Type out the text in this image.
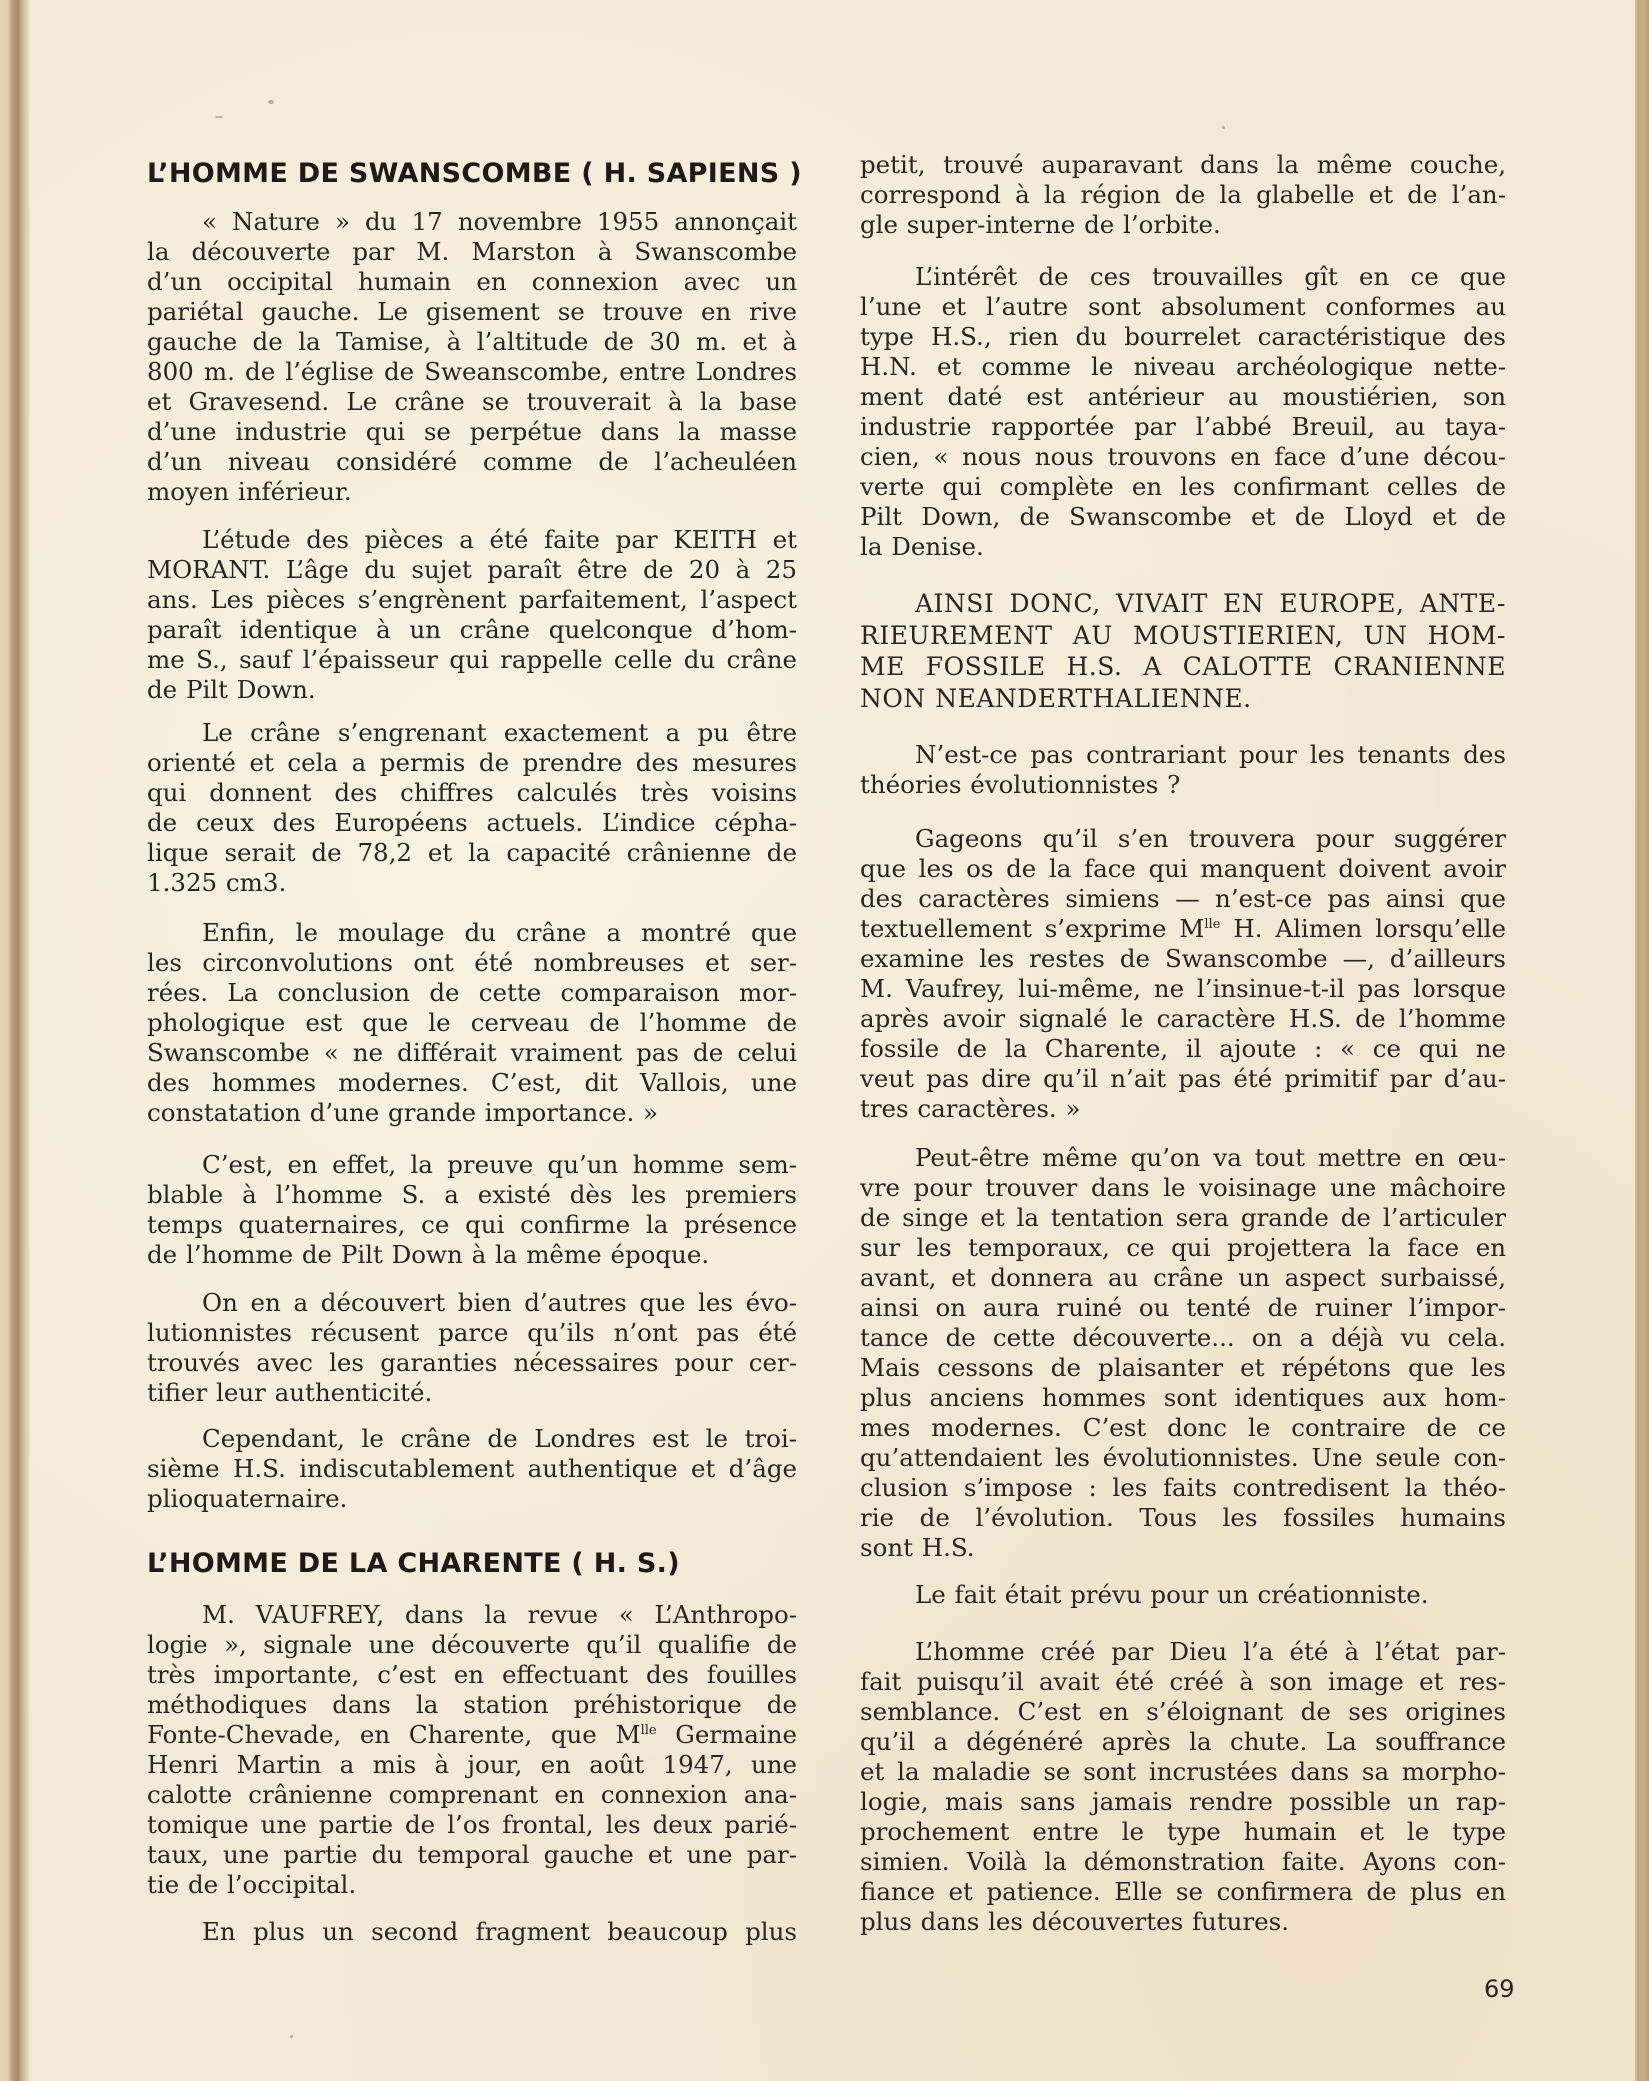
L’HOMME DE SWANSCOMBE ( H. SAPIENS )
« Nature » du 17 novembre 1955 annonçait
la découverte par M. Marston à Swanscombe
d’un occipital humain en connexion avec un
pariétal gauche. Le gisement se trouve en rive
gauche de la Tamise, à l’altitude de 30 m. et à
800 m. de l’église de Sweanscombe, entre Londres
et Gravesend. Le crâne se trouverait à la base
d’une industrie qui se perpétue dans la masse
d’un niveau considéré comme de l’acheuléen
moyen inférieur.
L’étude des pièces a été faite par KEITH et
MORANT. L’âge du sujet paraît être de 20 à 25
ans. Les pièces s’engrènent parfaitement, l’aspect
paraît identique à un crâne quelconque d’hom-
me S., sauf l’épaisseur qui rappelle celle du crâne
de Pilt Down.
Le crâne s’engrenant exactement a pu être
orienté et cela a permis de prendre des mesures
qui donnent des chiffres calculés très voisins
de ceux des Européens actuels. L’indice cépha-
lique serait de 78,2 et la capacité crânienne de
1.325 cm3.
Enfin, le moulage du crâne a montré que
les circonvolutions ont été nombreuses et ser-
rées. La conclusion de cette comparaison mor-
phologique est que le cerveau de l’homme de
Swanscombe « ne différait vraiment pas de celui
des hommes modernes. C’est, dit Vallois, une
constatation d’une grande importance. »
C’est, en effet, la preuve qu’un homme sem-
blable à l’homme S. a existé dès les premiers
temps quaternaires, ce qui confirme la présence
de l’homme de Pilt Down à la même époque.
On en a découvert bien d’autres que les évo-
lutionnistes récusent parce qu’ils n’ont pas été
trouvés avec les garanties nécessaires pour cer-
tifier leur authenticité.
Cependant, le crâne de Londres est le troi-
sième H.S. indiscutablement authentique et d’âge
plioquaternaire.
L’HOMME DE LA CHARENTE ( H. S.)
M. VAUFREY, dans la revue « L’Anthropo-
logie », signale une découverte qu’il qualifie de
très importante, c’est en effectuant des fouilles
méthodiques dans la station préhistorique de
Fonte-Chevade, en Charente, que $M^{lle}$ Germaine
Henri Martin a mis à jour, en août 1947, une
calotte crânienne comprenant en connexion ana-
tomique une partie de l’os frontal, les deux parié-
taux, une partie du temporal gauche et une par-
tie de l’occipital.
En plus un second fragment beaucoup plus
petit, trouvé auparavant dans la même couche,
correspond à la région de la glabelle et de l’an-
gle super-interne de l’orbite.
L’intérêt de ces trouvailles gît en ce que
l’une et l’autre sont absolument conformes au
type H.S., rien du bourrelet caractéristique des
H.N. et comme le niveau archéologique nette-
ment daté est antérieur au moustiérien, son
industrie rapportée par l’abbé Breuil, au taya-
cien, « nous nous trouvons en face d’une décou-
verte qui complète en les confirmant celles de
Pilt Down, de Swanscombe et de Lloyd et de
la Denise.
AINSI DONC, VIVAIT EN EUROPE, ANTE-
RIEUREMENT AU MOUSTIERIEN, UN HOM-
ME FOSSILE H.S. A CALOTTE CRANIENNE
NON NEANDERTHALIENNE.
N’est-ce pas contrariant pour les tenants des
théories évolutionnistes ?
Gageons qu’il s’en trouvera pour suggérer
que les os de la face qui manquent doivent avoir
des caractères simiens — n’est-ce pas ainsi que
textuellement s’exprime $M^{lle}$ H. Alimen lorsqu’elle
examine les restes de Swanscombe —, d’ailleurs
M. Vaufrey, lui-même, ne l’insinue-t-il pas lorsque
après avoir signalé le caractère H.S. de l’homme
fossile de la Charente, il ajoute : « ce qui ne
veut pas dire qu’il n’ait pas été primitif par d’au-
tres caractères. »
Peut-être même qu’on va tout mettre en œu-
vre pour trouver dans le voisinage une mâchoire
de singe et la tentation sera grande de l’articuler
sur les temporaux, ce qui projettera la face en
avant, et donnera au crâne un aspect surbaissé,
ainsi on aura ruiné ou tenté de ruiner l’impor-
tance de cette découverte... on a déjà vu cela.
Mais cessons de plaisanter et répétons que les
plus anciens hommes sont identiques aux hom-
mes modernes. C’est donc le contraire de ce
qu’attendaient les évolutionnistes. Une seule con-
clusion s’impose : les faits contredisent la théo-
rie de l’évolution. Tous les fossiles humains
sont H.S.
Le fait était prévu pour un créationniste.
L’homme créé par Dieu l’a été à l’état par-
fait puisqu’il avait été créé à son image et res-
semblance. C’est en s’éloignant de ses origines
qu’il a dégénéré après la chute. La souffrance
et la maladie se sont incrustées dans sa morpho-
logie, mais sans jamais rendre possible un rap-
prochement entre le type humain et le type
simien. Voilà la démonstration faite. Ayons con-
fiance et patience. Elle se confirmera de plus en
plus dans les découvertes futures.
69
